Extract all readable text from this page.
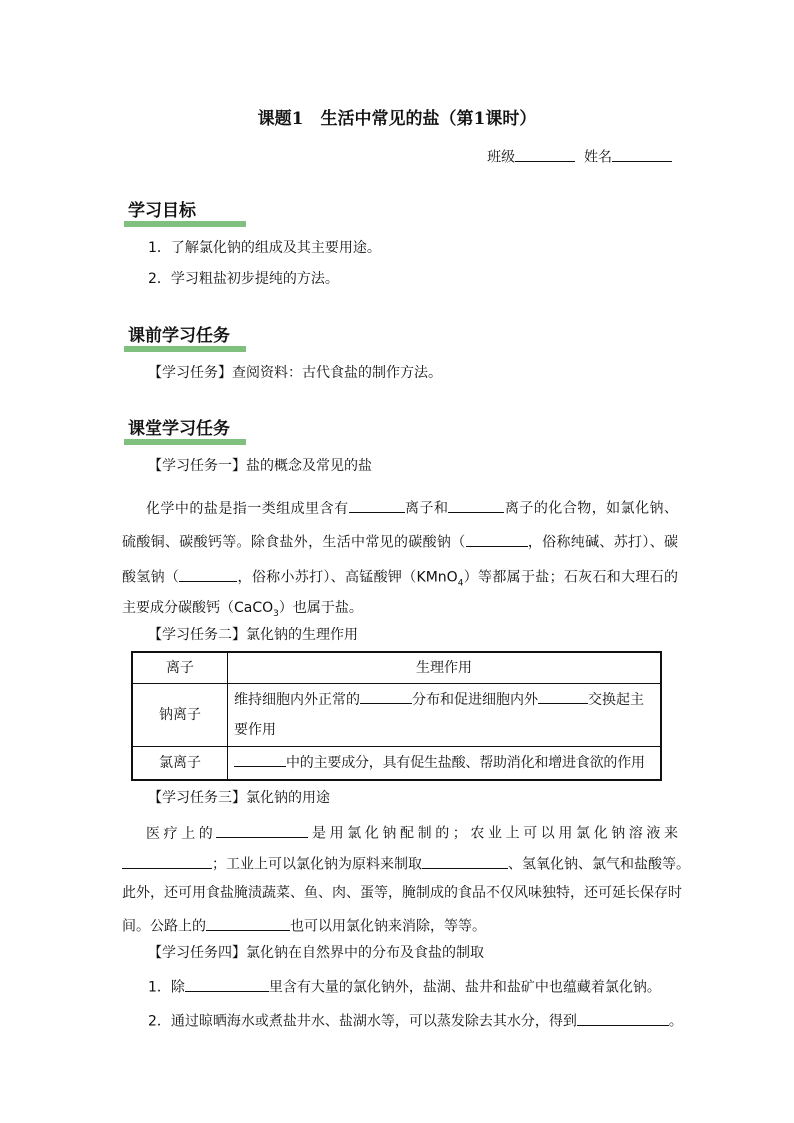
课题1　生活中常见的盐（第1课时）
班级	姓名
学习目标
1．了解氯化钠的组成及其主要用途。
2．学习粗盐初步提纯的方法。
课前学习任务
【学习任务】查阅资料：古代食盐的制作方法。
课堂学习任务
【学习任务一】盐的概念及常见的盐
化学中的盐是指一类组成里含有	离子和	离子的化合物，如氯化钠、
硫酸铜、碳酸钙等。除食盐外，生活中常见的碳酸钠（	，俗称纯碱、苏打）、碳
酸氢钠（	，俗称小苏打）、高锰酸钾（KMnO$_4$）等都属于盐；石灰石和大理石的
主要成分碳酸钙（CaCO$_3$）也属于盐。
【学习任务二】氯化钠的生理作用
离子	生理作用
钠离子	维持细胞内外正常的 分布和促进细胞内外 交换起主
要作用
氯离子	中的主要成分，具有促生盐酸、帮助消化和增进食欲的作用
【学习任务三】氯化钠的用途
医疗上的	是用氯化钠配制的；农业上可以用氯化钠溶液来
；工业上可以氯化钠为原料来制取	、氢氧化钠、氯气和盐酸等。
此外，还可用食盐腌渍蔬菜、鱼、肉、蛋等，腌制成的食品不仅风味独特，还可延长保存时
间。公路上的	也可以用氯化钠来消除，等等。
【学习任务四】氯化钠在自然界中的分布及食盐的制取
1．除	里含有大量的氯化钠外，盐湖、盐井和盐矿中也蕴藏着氯化钠。
2．通过晾晒海水或煮盐井水、盐湖水等，可以蒸发除去其水分，得到	。
